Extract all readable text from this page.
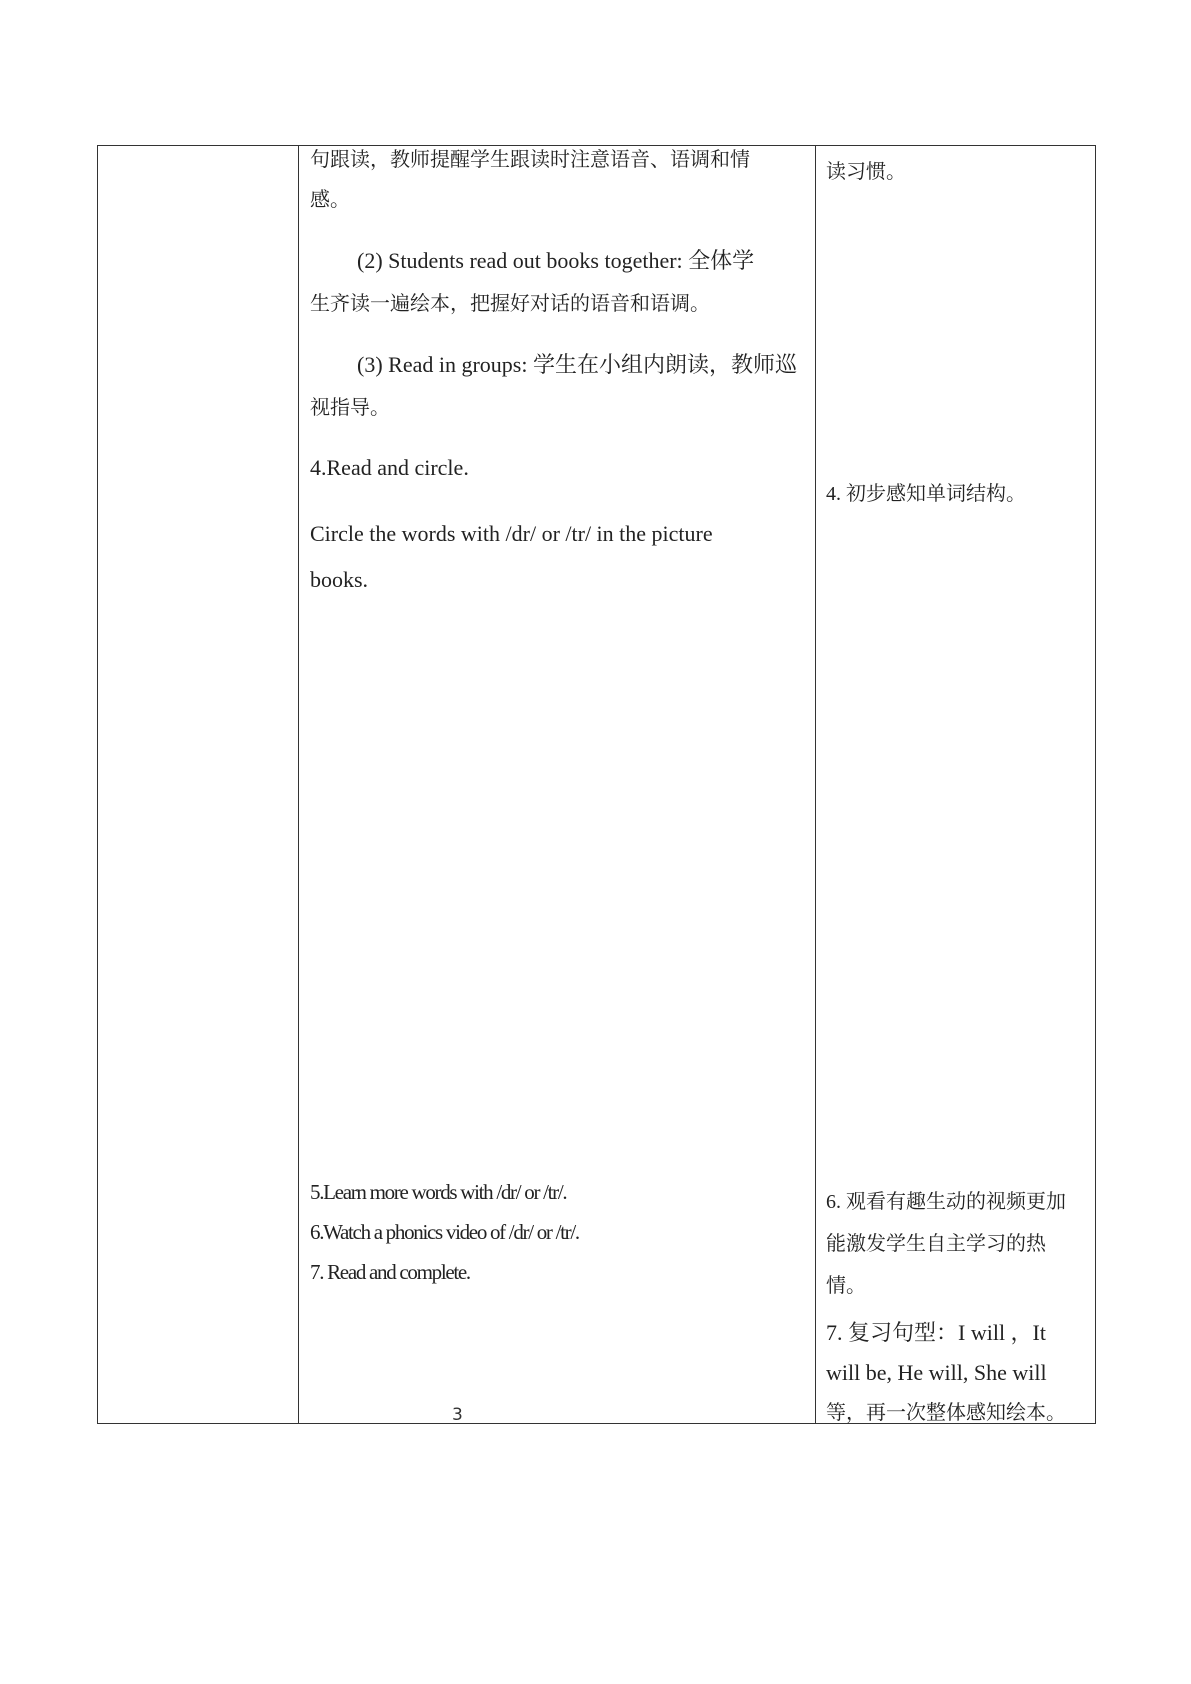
句跟读，教师提醒学生跟读时注意语音、语调和情

感。

(2) Students read out books together: 全体学

生齐读一遍绘本，把握好对话的语音和语调。

(3) Read in groups: 学生在小组内朗读，教师巡

视指导。

4.Read and circle.

Circle the words with /dr/ or /tr/ in the picture

books.

5.Learn more words with /dr/ or /tr/.

6.Watch a phonics video of /dr/ or /tr/.

7. Read and complete.

读习惯。

4. 初步感知单词结构。

6. 观看有趣生动的视频更加

能激发学生自主学习的热

情。

7. 复习句型：I will ，It

will be, He will, She will

等，再一次整体感知绘本。

3
